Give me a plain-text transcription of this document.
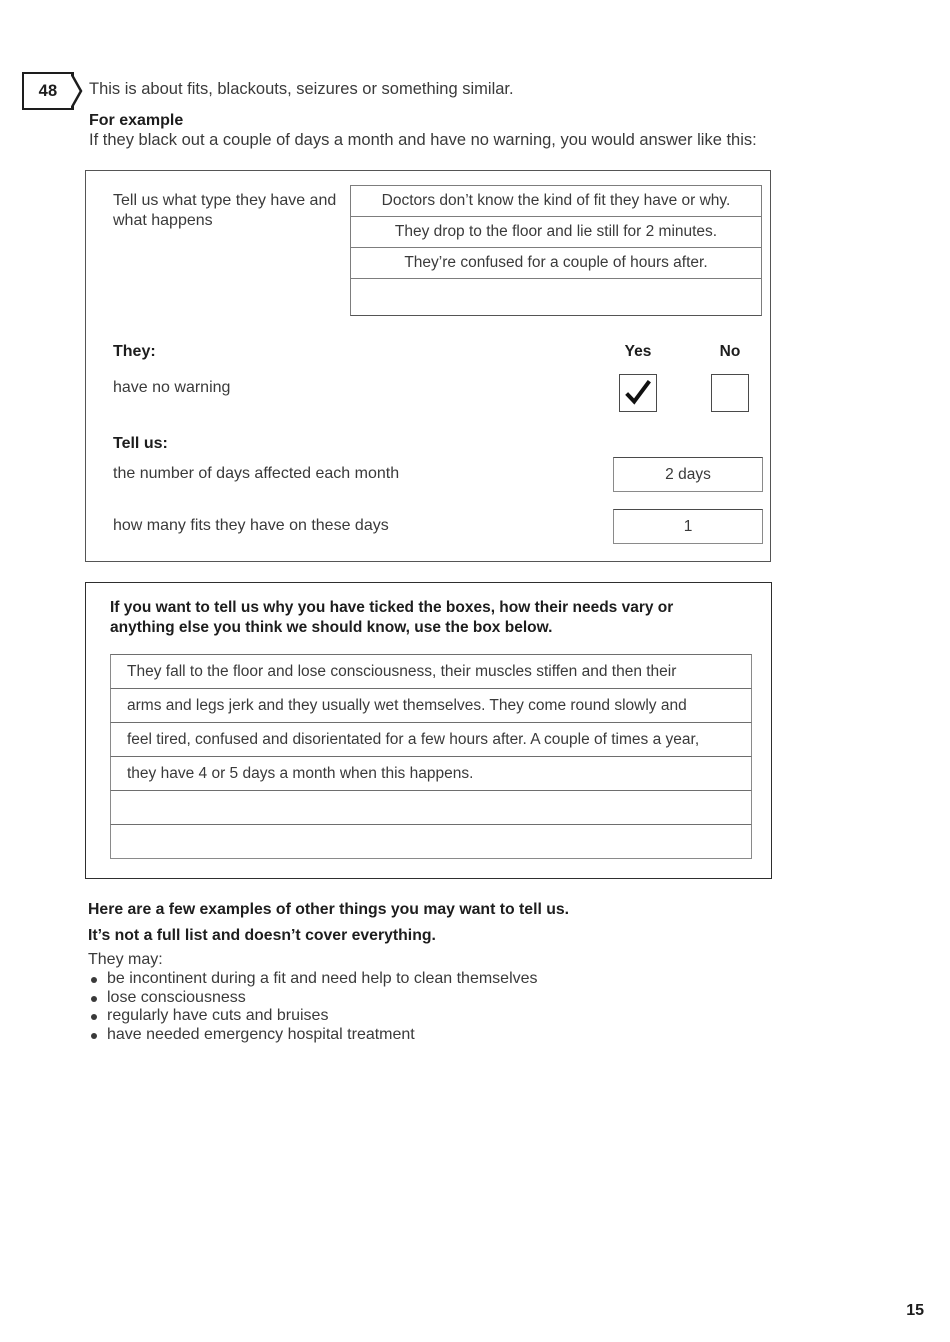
48	This is about fits, blackouts, seizures or something similar.
For example
If they black out a couple of days a month and have no warning, you would answer like this:
Tell us what type they have and what happens
Doctors don’t know the kind of fit they have or why.
They drop to the floor and lie still for 2 minutes.
They’re confused for a couple of hours after.
They:	Yes	No
have no warning
Tell us:
the number of days affected each month	2 days
how many fits they have on these days	1
If you want to tell us why you have ticked the boxes, how their needs vary or anything else you think we should know, use the box below.
They fall to the floor and lose consciousness, their muscles stiffen and then their
arms and legs jerk and they usually wet themselves. They come round slowly and
feel tired, confused and disorientated for a few hours after. A couple of times a year,
they have 4 or 5 days a month when this happens.
Here are a few examples of other things you may want to tell us.
It’s not a full list and doesn’t cover everything.
They may:
be incontinent during a fit and need help to clean themselves
lose consciousness
regularly have cuts and bruises
have needed emergency hospital treatment
15
